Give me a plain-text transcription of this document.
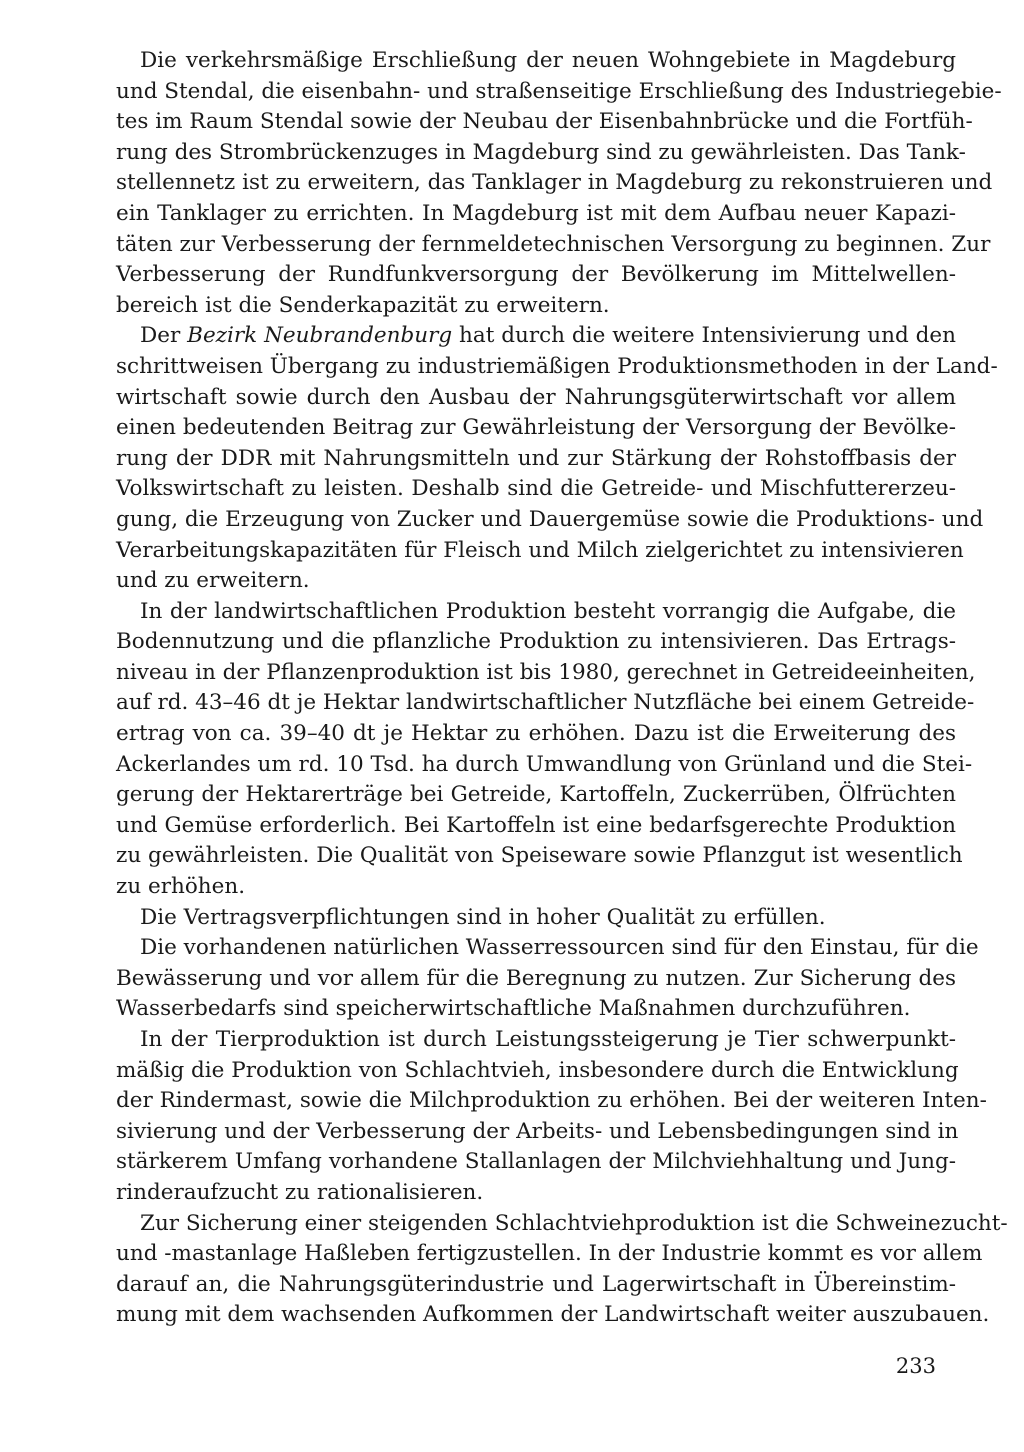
Die verkehrsmäßige Erschließung der neuen Wohngebiete in Magdeburg
und Stendal, die eisenbahn- und straßenseitige Erschließung des Industriegebie-
tes im Raum Stendal sowie der Neubau der Eisenbahnbrücke und die Fortfüh-
rung des Strombrückenzuges in Magdeburg sind zu gewährleisten. Das Tank-
stellennetz ist zu erweitern, das Tanklager in Magdeburg zu rekonstruieren und
ein Tanklager zu errichten. In Magdeburg ist mit dem Aufbau neuer Kapazi-
täten zur Verbesserung der fernmeldetechnischen Versorgung zu beginnen. Zur
Verbesserung der Rundfunkversorgung der Bevölkerung im Mittelwellen-
bereich ist die Senderkapazität zu erweitern.
Der Bezirk Neubrandenburg hat durch die weitere Intensivierung und den
schrittweisen Übergang zu industriemäßigen Produktionsmethoden in der Land-
wirtschaft sowie durch den Ausbau der Nahrungsgüterwirtschaft vor allem
einen bedeutenden Beitrag zur Gewährleistung der Versorgung der Bevölke-
rung der DDR mit Nahrungsmitteln und zur Stärkung der Rohstoffbasis der
Volkswirtschaft zu leisten. Deshalb sind die Getreide- und Mischfuttererzeu-
gung, die Erzeugung von Zucker und Dauergemüse sowie die Produktions- und
Verarbeitungskapazitäten für Fleisch und Milch zielgerichtet zu intensivieren
und zu erweitern.
In der landwirtschaftlichen Produktion besteht vorrangig die Aufgabe, die
Bodennutzung und die pflanzliche Produktion zu intensivieren. Das Ertrags-
niveau in der Pflanzenproduktion ist bis 1980, gerechnet in Getreideeinheiten,
auf rd. 43–46 dt je Hektar landwirtschaftlicher Nutzfläche bei einem Getreide-
ertrag von ca. 39–40 dt je Hektar zu erhöhen. Dazu ist die Erweiterung des
Ackerlandes um rd. 10 Tsd. ha durch Umwandlung von Grünland und die Stei-
gerung der Hektarerträge bei Getreide, Kartoffeln, Zuckerrüben, Ölfrüchten
und Gemüse erforderlich. Bei Kartoffeln ist eine bedarfsgerechte Produktion
zu gewährleisten. Die Qualität von Speiseware sowie Pflanzgut ist wesentlich
zu erhöhen.
Die Vertragsverpflichtungen sind in hoher Qualität zu erfüllen.
Die vorhandenen natürlichen Wasserressourcen sind für den Einstau, für die
Bewässerung und vor allem für die Beregnung zu nutzen. Zur Sicherung des
Wasserbedarfs sind speicherwirtschaftliche Maßnahmen durchzuführen.
In der Tierproduktion ist durch Leistungssteigerung je Tier schwerpunkt-
mäßig die Produktion von Schlachtvieh, insbesondere durch die Entwicklung
der Rindermast, sowie die Milchproduktion zu erhöhen. Bei der weiteren Inten-
sivierung und der Verbesserung der Arbeits- und Lebensbedingungen sind in
stärkerem Umfang vorhandene Stallanlagen der Milchviehhaltung und Jung-
rinderaufzucht zu rationalisieren.
Zur Sicherung einer steigenden Schlachtviehproduktion ist die Schweinezucht-
und -mastanlage Haßleben fertigzustellen. In der Industrie kommt es vor allem
darauf an, die Nahrungsgüterindustrie und Lagerwirtschaft in Übereinstim-
mung mit dem wachsenden Aufkommen der Landwirtschaft weiter auszubauen.
233
